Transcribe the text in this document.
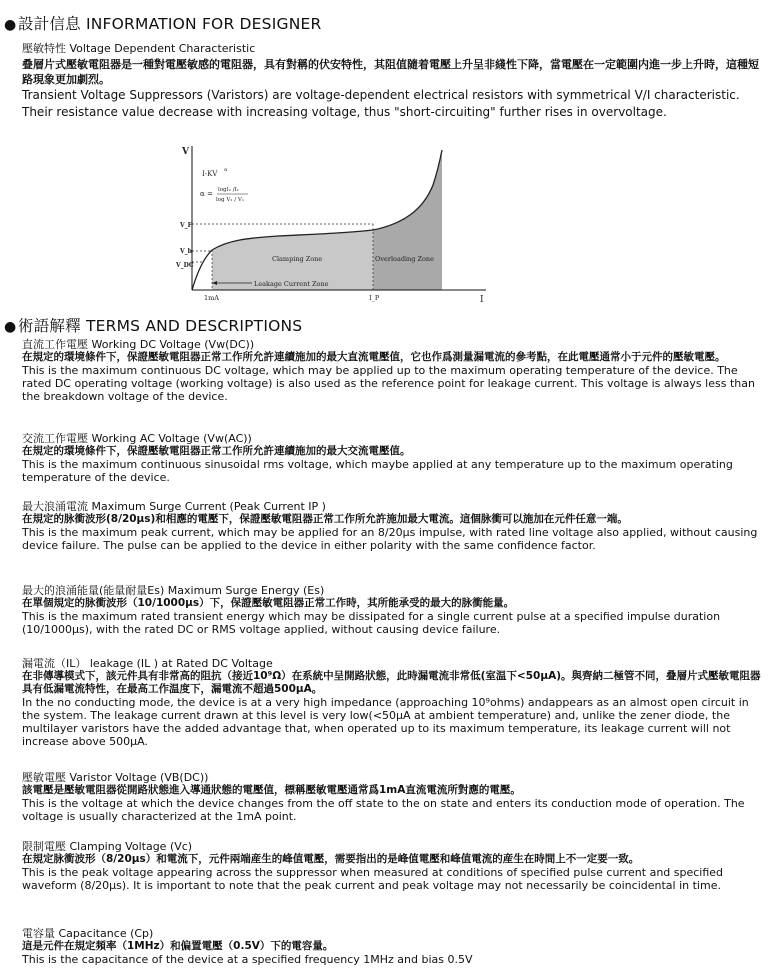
● 設計信息 INFORMATION FOR DESIGNER
壓敏特性 Voltage Dependent Characteristic
叠層片式壓敏電阻器是一種對電壓敏感的電阻器，具有對稱的伏安特性，其阻值隨着電壓上升呈非綫性下降，當電壓在一定範圍内進一步上升時，這種短路現象更加劇烈。
Transient Voltage Suppressors (Varistors) are voltage-dependent electrical resistors with symmetrical V/I characteristic. Their resistance value decrease with increasing voltage, thus "short-circuiting" further rises in overvoltage.
V
I
I-KV α
α = logI₂ /I₁
log V₂ / V₁
V_F
V_b
V_DC
1mA	I_P
Clamping Zone	Overloading Zone
Leakage Current Zone
● 術語解釋 TERMS AND DESCRIPTIONS
直流工作電壓 Working DC Voltage (Vw(DC))
在規定的環境條件下，保證壓敏電阻器正常工作所允許連續施加的最大直流電壓值，它也作爲測量漏電流的參考點，在此電壓通常小于元件的壓敏電壓。
This is the maximum continuous DC voltage, which may be applied up to the maximum operating temperature of the device. The rated DC operating voltage (working voltage) is also used as the reference point for leakage current. This voltage is always less than the breakdown voltage of the device.
交流工作電壓 Working AC Voltage (Vw(AC))
在規定的環境條件下，保證壓敏電阻器正常工作所允許連續施加的最大交流電壓值。
This is the maximum continuous sinusoidal rms voltage, which maybe applied at any temperature up to the maximum operating temperature of the device.
最大浪涌電流 Maximum Surge Current (Peak Current IP )
在規定的脉衝波形(8/20μs)和相應的電壓下，保證壓敏電阻器正常工作所允許施加最大電流。這個脉衝可以施加在元件任意一端。
This is the maximum peak current, which may be applied for an 8/20μs impulse, with rated line voltage also applied, without causing device failure. The pulse can be applied to the device in either polarity with the same confidence factor.
最大的浪涌能量(能量耐量Es) Maximum Surge Energy (Es)
在單個規定的脉衝波形（10/1000μs）下，保證壓敏電阻器正常工作時，其所能承受的最大的脉衝能量。
This is the maximum rated transient energy which may be dissipated for a single current pulse at a specified impulse duration (10/1000μs), with the rated DC or RMS voltage applied, without causing device failure.
漏電流（IL） leakage (IL ) at Rated DC Voltage
在非傳導模式下，該元件具有非常高的阻抗（接近10⁹Ω）在系統中呈開路狀態，此時漏電流非常低(室温下<50μA)。與齊納二極管不同，叠層片式壓敏電阻器具有低漏電流特性，在最高工作温度下，漏電流不超過500μA。
In the no conducting mode, the device is at a very high impedance (approaching 10⁹ohms) andappears as an almost open circuit in the system. The leakage current drawn at this level is very low(<50μA at ambient temperature) and, unlike the zener diode, the multilayer varistors have the added advantage that, when operated up to its maximum temperature, its leakage current will not increase above 500μA.
壓敏電壓 Varistor Voltage (VB(DC))
該電壓是壓敏電阻器從開路狀態進入導通狀態的電壓值，標稱壓敏電壓通常爲1mA直流電流所對應的電壓。
This is the voltage at which the device changes from the off state to the on state and enters its conduction mode of operation. The voltage is usually characterized at the 1mA point.
限制電壓 Clamping Voltage (Vc)
在規定脉衝波形（8/20μs）和電流下，元件兩端産生的峰值電壓，需要指出的是峰值電壓和峰值電流的産生在時間上不一定要一致。
This is the peak voltage appearing across the suppressor when measured at conditions of specified pulse current and specified waveform (8/20μs). It is important to note that the peak current and peak voltage may not necessarily be coincidental in time.
電容量 Capacitance (Cp)
這是元件在規定頻率（1MHz）和偏置電壓（0.5V）下的電容量。
This is the capacitance of the device at a specified frequency 1MHz and bias 0.5V
